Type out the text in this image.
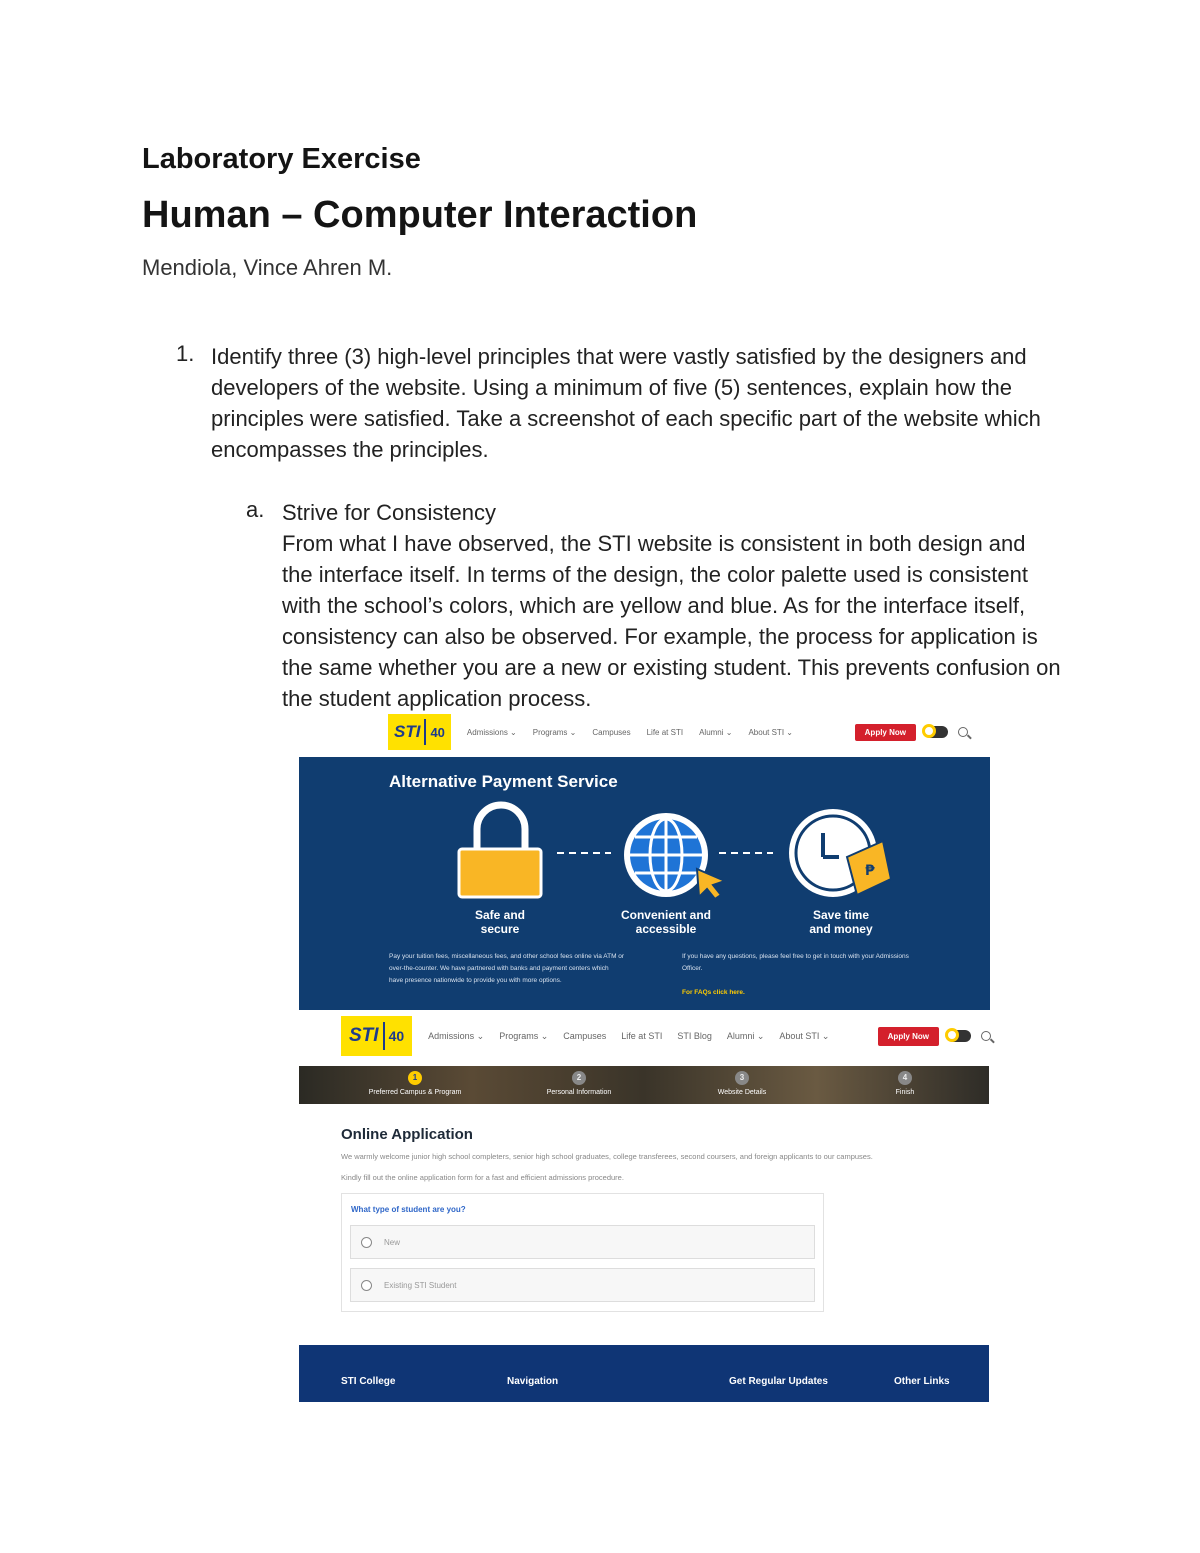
Laboratory Exercise
Human – Computer Interaction
Mendiola, Vince Ahren M.
1. Identify three (3) high-level principles that were vastly satisfied by the designers and developers of the website. Using a minimum of five (5) sentences, explain how the principles were satisfied. Take a screenshot of each specific part of the website which encompasses the principles.
a. Strive for Consistency
From what I have observed, the STI website is consistent in both design and the interface itself. In terms of the design, the color palette used is consistent with the school’s colors, which are yellow and blue. As for the interface itself, consistency can also be observed. For example, the process for application is the same whether you are a new or existing student. This prevents confusion on the student application process.
STI 40	Admissions ⌄ Programs ⌄ Campuses Life at STI Alumni ⌄ About STI ⌄	Apply Now
Alternative Payment Service
₱
Safe and
secure
Convenient and
accessible
Save time
and money
Pay your tuition fees, miscellaneous fees, and other school fees online via ATM or
over-the-counter. We have partnered with banks and payment centers which
have presence nationwide to provide you with more options.
If you have any questions, please feel free to get in touch with your Admissions
Officer.
For FAQs click here.
STI 40	Admissions ⌄ Programs ⌄ Campuses Life at STI STI Blog Alumni ⌄ About STI ⌄	Apply Now
1
Preferred Campus & Program
2
Personal Information
3
Website Details
4
Finish
Online Application
We warmly welcome junior high school completers, senior high school graduates, college transferees, second coursers, and foreign applicants to our campuses.
Kindly fill out the online application form for a fast and efficient admissions procedure.
What type of student are you?
New
Existing STI Student
STI College	Navigation	Get Regular Updates	Other Links
